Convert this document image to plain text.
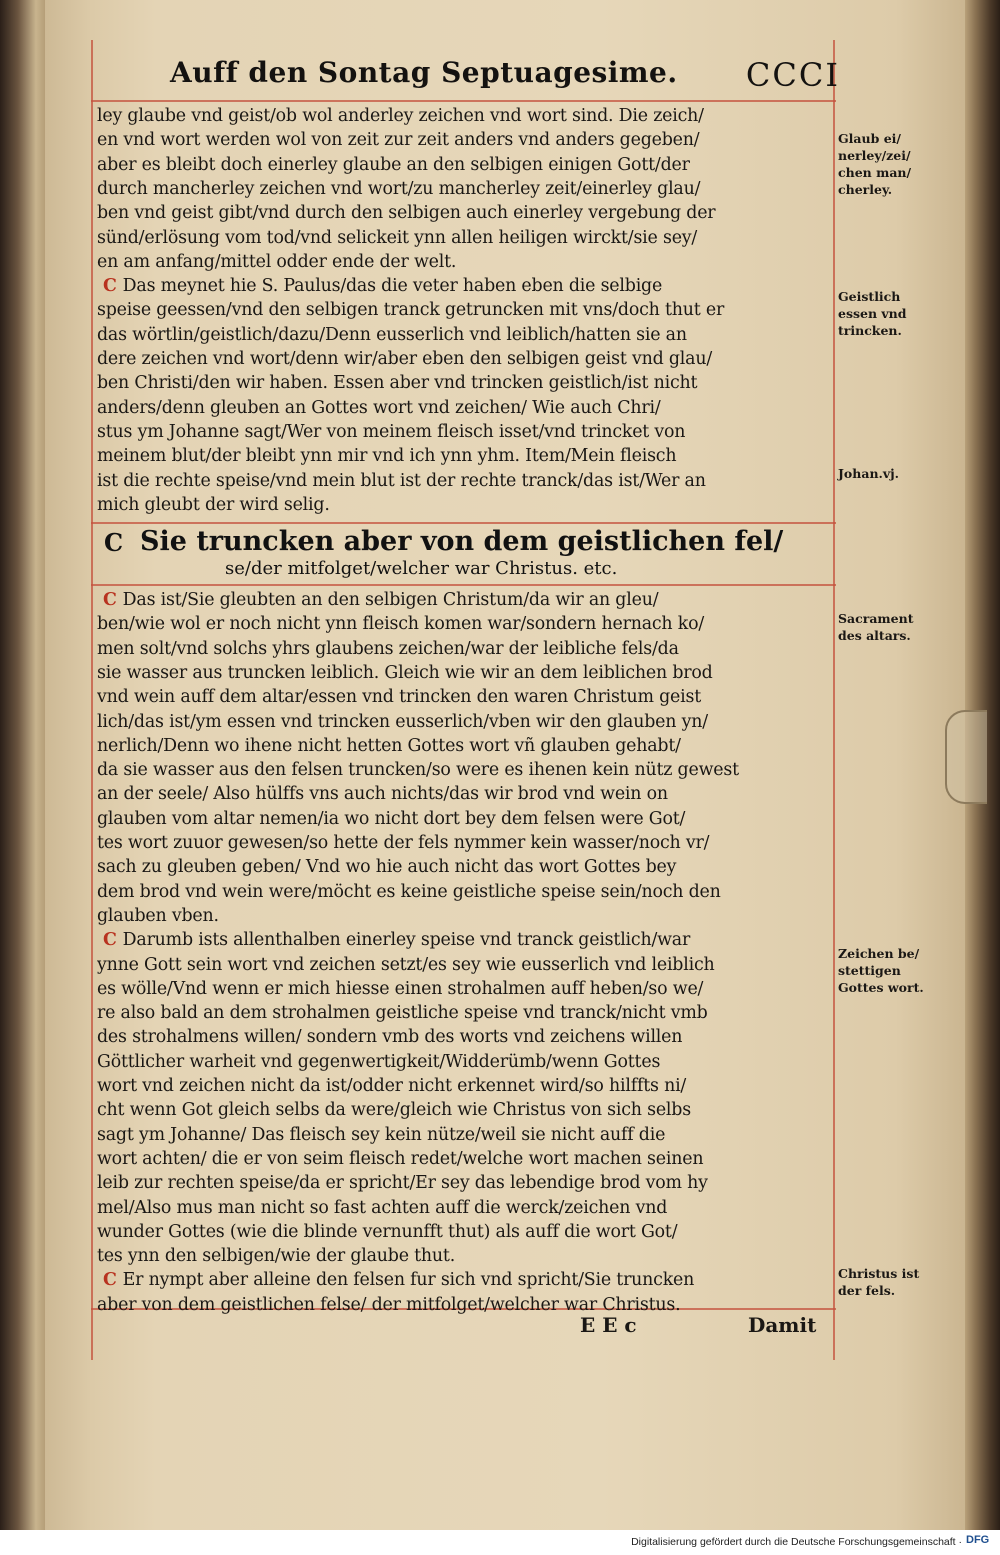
Auff den Sontag Septuagesime. CCCI
ley glaube vnd geist/ob wol anderley zeichen vnd wort sind. Die zeich/
en vnd wort werden wol von zeit zur zeit anders vnd anders gegeben/
aber es bleibt doch einerley glaube an den selbigen einigen Gott/der
durch mancherley zeichen vnd wort/zu mancherley zeit/einerley glau/
ben vnd geist gibt/vnd durch den selbigen auch einerley vergebung der
sünd/erlösung vom tod/vnd selickeit ynn allen heiligen wirckt/sie sey/
en am anfang/mittel odder ende der welt.
C Das meynet hie S. Paulus/das die veter haben eben die selbige
speise geessen/vnd den selbigen tranck getruncken mit vns/doch thut er
das wörtlin/geistlich/dazu/Denn eusserlich vnd leiblich/hatten sie an
dere zeichen vnd wort/denn wir/aber eben den selbigen geist vnd glau/
ben Christi/den wir haben. Essen aber vnd trincken geistlich/ist nicht
anders/denn gleuben an Gottes wort vnd zeichen/ Wie auch Chri/
stus ym Johanne sagt/Wer von meinem fleisch isset/vnd trincket von
meinem blut/der bleibt ynn mir vnd ich ynn yhm. Item/Mein fleisch
ist die rechte speise/vnd mein blut ist der rechte tranck/das ist/Wer an
mich gleubt der wird selig.
Sie truncken aber von dem geistlichen fel/
se/der mitfolget/welcher war Christus. etc.
C
C Das ist/Sie gleubten an den selbigen Christum/da wir an gleu/
ben/wie wol er noch nicht ynn fleisch komen war/sondern hernach ko/
men solt/vnd solchs yhrs glaubens zeichen/war der leibliche fels/da
sie wasser aus truncken leiblich. Gleich wie wir an dem leiblichen brod
vnd wein auff dem altar/essen vnd trincken den waren Christum geist
lich/das ist/ym essen vnd trincken eusserlich/vben wir den glauben yn/
nerlich/Denn wo ihene nicht hetten Gottes wort vñ glauben gehabt/
da sie wasser aus den felsen truncken/so were es ihenen kein nütz gewest
an der seele/ Also hülffs vns auch nichts/das wir brod vnd wein on
glauben vom altar nemen/ia wo nicht dort bey dem felsen were Got/
tes wort zuuor gewesen/so hette der fels nymmer kein wasser/noch vr/
sach zu gleuben geben/ Vnd wo hie auch nicht das wort Gottes bey
dem brod vnd wein were/möcht es keine geistliche speise sein/noch den
glauben vben.
C Darumb ists allenthalben einerley speise vnd tranck geistlich/war
ynne Gott sein wort vnd zeichen setzt/es sey wie eusserlich vnd leiblich
es wölle/Vnd wenn er mich hiesse einen strohalmen auff heben/so we/
re also bald an dem strohalmen geistliche speise vnd tranck/nicht vmb
des strohalmens willen/ sondern vmb des worts vnd zeichens willen
Göttlicher warheit vnd gegenwertigkeit/Widderümb/wenn Gottes
wort vnd zeichen nicht da ist/odder nicht erkennet wird/so hilffts ni/
cht wenn Got gleich selbs da were/gleich wie Christus von sich selbs
sagt ym Johanne/ Das fleisch sey kein nütze/weil sie nicht auff die
wort achten/ die er von seim fleisch redet/welche wort machen seinen
leib zur rechten speise/da er spricht/Er sey das lebendige brod vom hy
mel/Also mus man nicht so fast achten auff die werck/zeichen vnd
wunder Gottes (wie die blinde vernunfft thut) als auff die wort Got/
tes ynn den selbigen/wie der glaube thut.
C Er nympt aber alleine den felsen fur sich vnd spricht/Sie truncken
aber von dem geistlichen felse/ der mitfolget/welcher war Christus.
Glaub ei/ nerley/zei/ chen man/ cherley.
Geistlich essen vnd trincken.
Johan.vj.
Sacrament des altars.
Zeichen be/ stettigen Gottes wort.
Christus ist der fels.
E E c	Damit
Digitalisierung gefördert durch die Deutsche Forschungsgemeinschaft · DFG
